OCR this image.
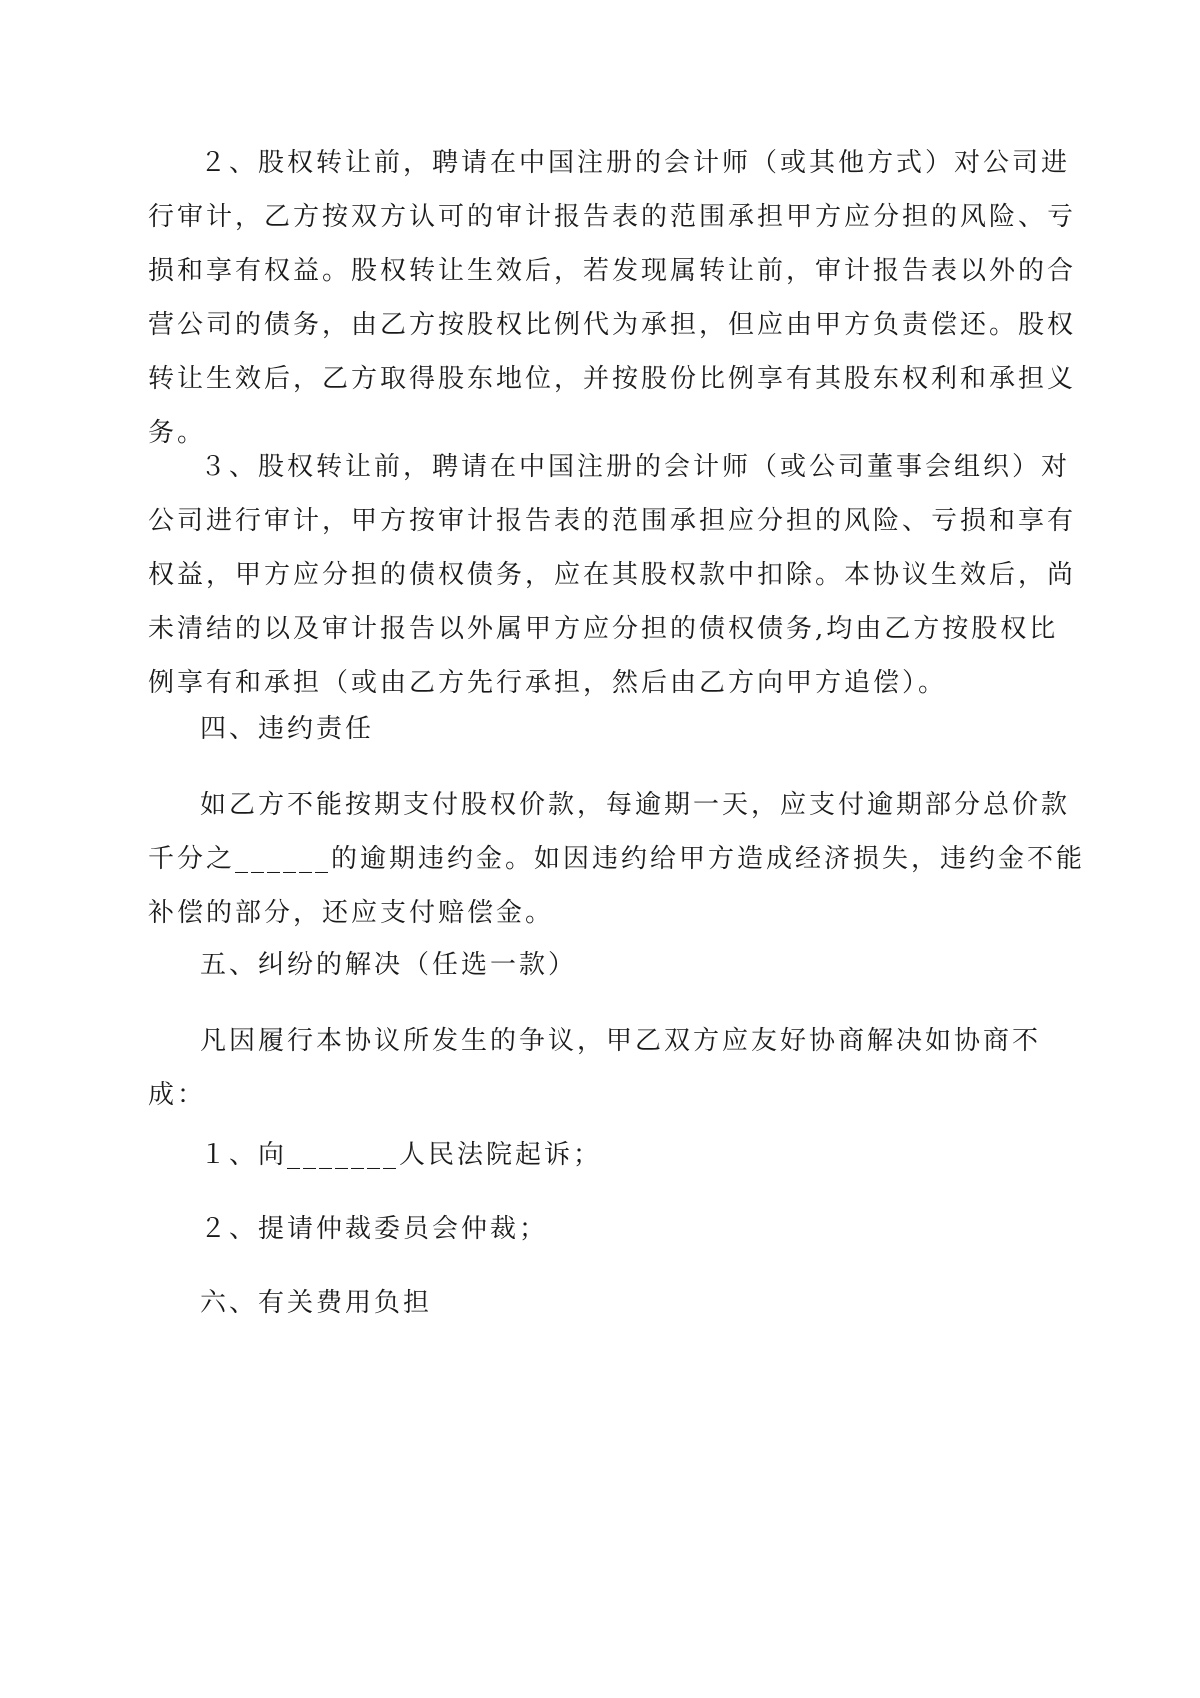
２、股权转让前，聘请在中国注册的会计师（或其他方式）对公司进
行审计，乙方按双方认可的审计报告表的范围承担甲方应分担的风险、亏
损和享有权益。股权转让生效后，若发现属转让前，审计报告表以外的合
营公司的债务，由乙方按股权比例代为承担，但应由甲方负责偿还。股权
转让生效后，乙方取得股东地位，并按股份比例享有其股东权利和承担义
务。
３、股权转让前，聘请在中国注册的会计师（或公司董事会组织）对
公司进行审计，甲方按审计报告表的范围承担应分担的风险、亏损和享有
权益，甲方应分担的债权债务，应在其股权款中扣除。本协议生效后，尚
未清结的以及审计报告以外属甲方应分担的债权债务,均由乙方按股权比
例享有和承担（或由乙方先行承担，然后由乙方向甲方追偿）。
四、违约责任
如乙方不能按期支付股权价款，每逾期一天，应支付逾期部分总价款
千分之______的逾期违约金。如因违约给甲方造成经济损失，违约金不能
补偿的部分，还应支付赔偿金。
五、纠纷的解决（任选一款）
凡因履行本协议所发生的争议，甲乙双方应友好协商解决如协商不
成：
１、向_______人民法院起诉；
２、提请仲裁委员会仲裁；
六、有关费用负担
